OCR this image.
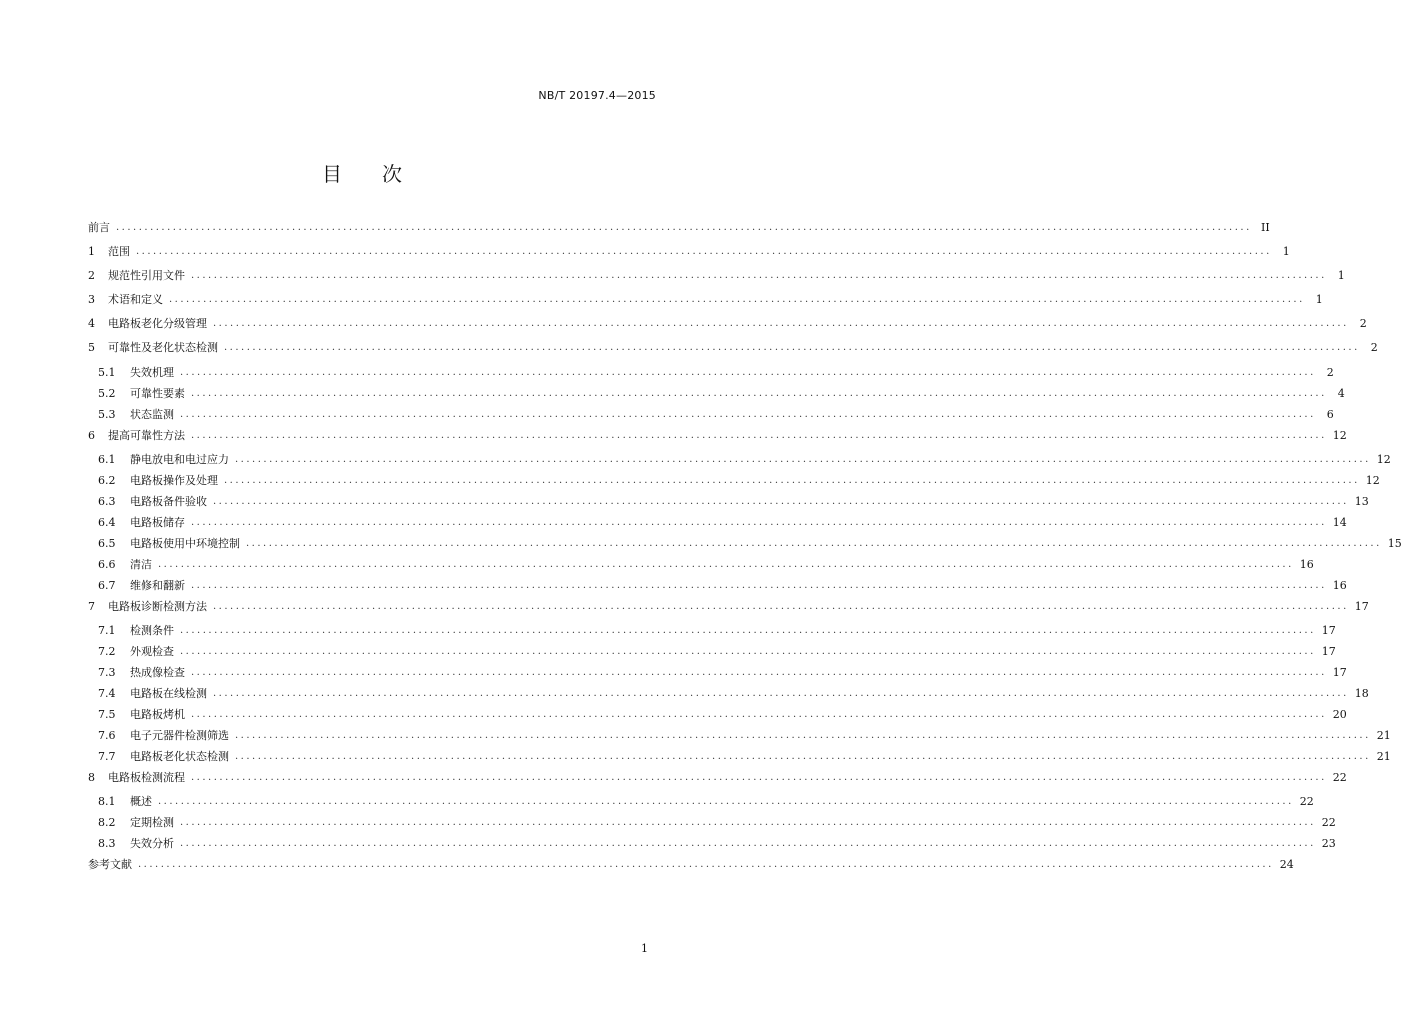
NB/T 20197.4—2015
目 次
前言 ........................................................................................................................................................................................................ II
1	范围 ........................................................................................................................................................................................................	1
2	规范性引用文件 ........................................................................................................................................................................................................	1
3	术语和定义 ........................................................................................................................................................................................................	1
4	电路板老化分级管理 ........................................................................................................................................................................................................	2
5	可靠性及老化状态检测 ........................................................................................................................................................................................................	2
5.1	失效机理 ........................................................................................................................................................................................................	2
5.2	可靠性要素 ........................................................................................................................................................................................................	4
5.3	状态监测 ........................................................................................................................................................................................................	6
6	提高可靠性方法 ........................................................................................................................................................................................................ 12
6.1	静电放电和电过应力 ........................................................................................................................................................................................................ 12
6.2	电路板操作及处理 ........................................................................................................................................................................................................ 12
6.3	电路板备件验收 ........................................................................................................................................................................................................ 13
6.4	电路板储存 ........................................................................................................................................................................................................ 14
6.5	电路板使用中环境控制 ........................................................................................................................................................................................................ 15
6.6	清洁 ........................................................................................................................................................................................................ 16
6.7	维修和翻新 ........................................................................................................................................................................................................ 16
7	电路板诊断检测方法 ........................................................................................................................................................................................................ 17
7.1	检测条件 ........................................................................................................................................................................................................ 17
7.2	外观检查 ........................................................................................................................................................................................................ 17
7.3	热成像检查 ........................................................................................................................................................................................................ 17
7.4	电路板在线检测 ........................................................................................................................................................................................................ 18
7.5	电路板烤机 ........................................................................................................................................................................................................ 20
7.6	电子元器件检测筛选 ........................................................................................................................................................................................................ 21
7.7	电路板老化状态检测 ........................................................................................................................................................................................................ 21
8	电路板检测流程 ........................................................................................................................................................................................................ 22
8.1	概述 ........................................................................................................................................................................................................ 22
8.2	定期检测 ........................................................................................................................................................................................................ 22
8.3	失效分析 ........................................................................................................................................................................................................ 23
参考文献 ........................................................................................................................................................................................................ 24
1
